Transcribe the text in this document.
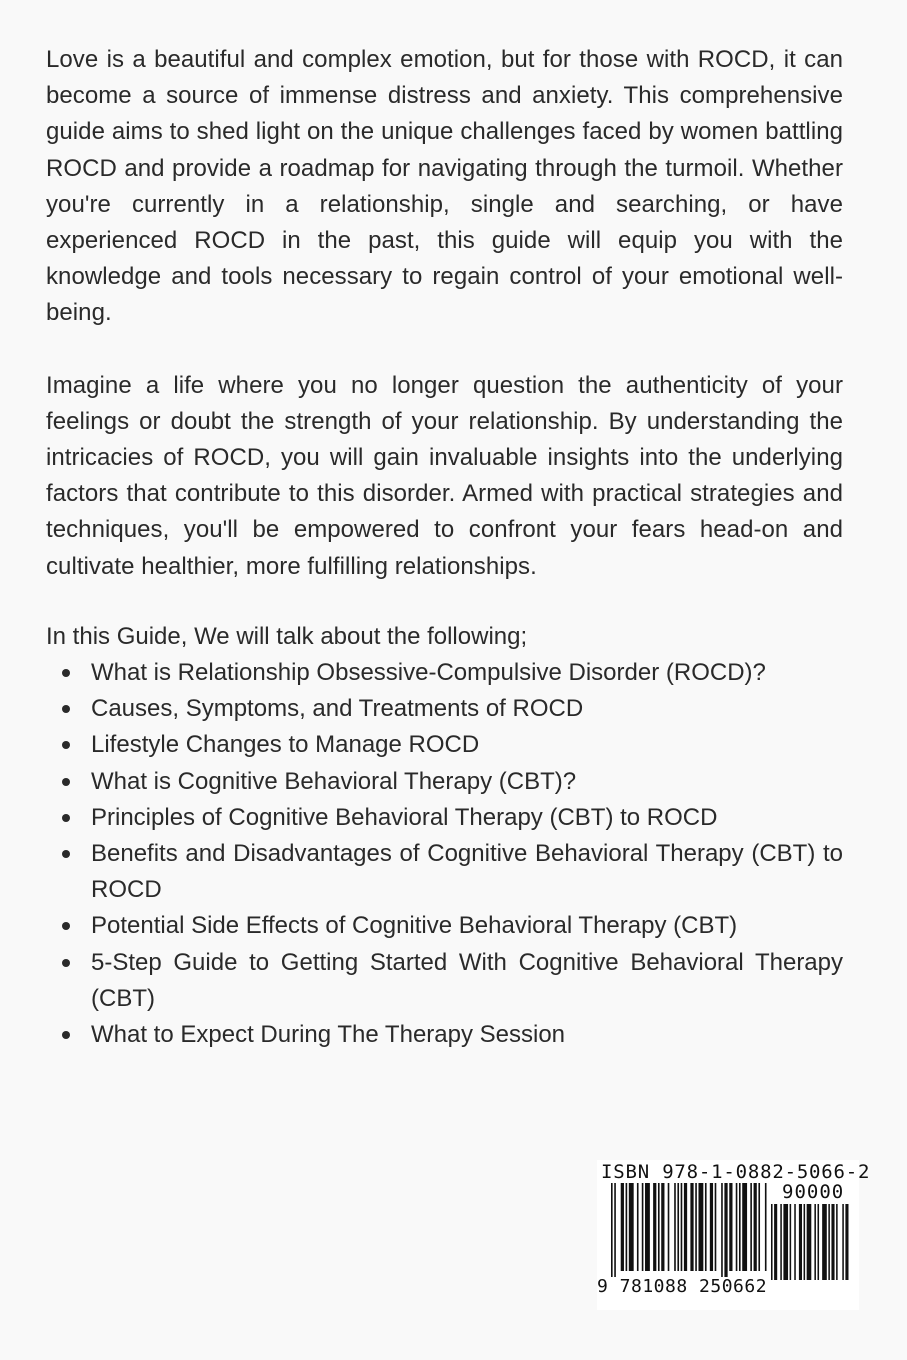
Love is a beautiful and complex emotion, but for those with ROCD, it can become a source of immense distress and anxiety. This comprehensive guide aims to shed light on the unique challenges faced by women battling ROCD and provide a roadmap for navigating through the turmoil. Whether you're currently in a relationship, single and searching, or have experienced ROCD in the past, this guide will equip you with the knowledge and tools necessary to regain control of your emotional well-being.

Imagine a life where you no longer question the authenticity of your feelings or doubt the strength of your relationship. By understanding the intricacies of ROCD, you will gain invaluable insights into the underlying factors that contribute to this disorder. Armed with practical strategies and techniques, you'll be empowered to confront your fears head-on and cultivate healthier, more fulfilling relationships.

In this Guide, We will talk about the following;

What is Relationship Obsessive-Compulsive Disorder (ROCD)?
Causes, Symptoms, and Treatments of ROCD
Lifestyle Changes to Manage ROCD
What is Cognitive Behavioral Therapy (CBT)?
Principles of Cognitive Behavioral Therapy (CBT) to ROCD
Benefits and Disadvantages of Cognitive Behavioral Therapy (CBT) to ROCD
Potential Side Effects of Cognitive Behavioral Therapy (CBT)
5-Step Guide to Getting Started With Cognitive Behavioral Therapy (CBT)
What to Expect During The Therapy Session
ISBN 978-1-0882-5066-2
90000
9 781088 250662
